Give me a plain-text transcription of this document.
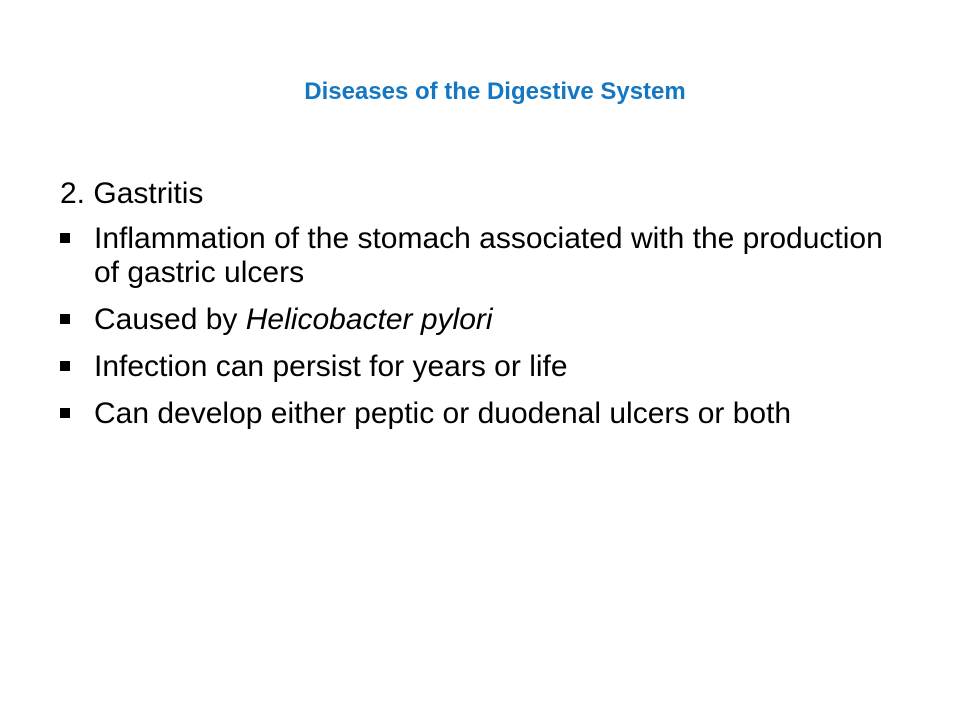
Diseases of the Digestive System
2. Gastritis
Inflammation of the stomach associated with the production of gastric ulcers
Caused by Helicobacter pylori
Infection can persist for years or life
Can develop either peptic or duodenal ulcers or both
